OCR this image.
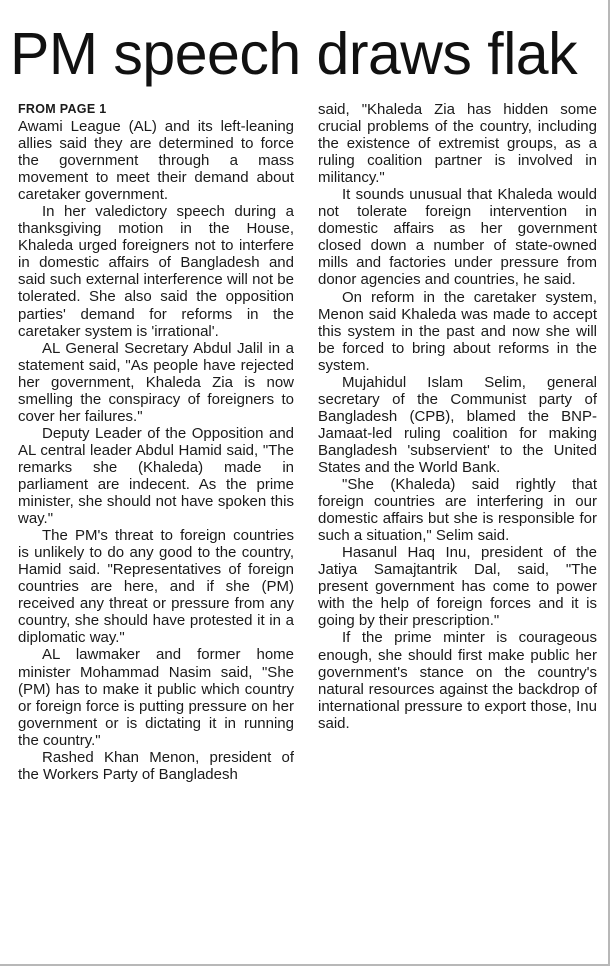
PM speech draws flak
FROM PAGE 1

Awami League (AL) and its left-leaning allies said they are determined to force the government through a mass movement to meet their demand about caretaker government.

In her valedictory speech during a thanksgiving motion in the House, Khaleda urged foreigners not to interfere in domestic affairs of Bangladesh and said such external interference will not be tolerated. She also said the opposition parties' demand for reforms in the caretaker system is 'irrational'.

AL General Secretary Abdul Jalil in a statement said, "As people have rejected her government, Khaleda Zia is now smelling the conspiracy of foreigners to cover her failures."

Deputy Leader of the Opposition and AL central leader Abdul Hamid said, "The remarks she (Khaleda) made in parliament are indecent. As the prime minister, she should not have spoken this way."

The PM's threat to foreign countries is unlikely to do any good to the country, Hamid said. "Representatives of foreign countries are here, and if she (PM) received any threat or pressure from any country, she should have protested it in a diplomatic way."

AL lawmaker and former home minister Mohammad Nasim said, "She (PM) has to make it public which country or foreign force is putting pressure on her government or is dictating it in running the country."

Rashed Khan Menon, president of the Workers Party of Bangladesh

said, "Khaleda Zia has hidden some crucial problems of the country, including the existence of extremist groups, as a ruling coalition partner is involved in militancy."

It sounds unusual that Khaleda would not tolerate foreign intervention in domestic affairs as her government closed down a number of state-owned mills and factories under pressure from donor agencies and countries, he said.

On reform in the caretaker system, Menon said Khaleda was made to accept this system in the past and now she will be forced to bring about reforms in the system.

Mujahidul Islam Selim, general secretary of the Communist party of Bangladesh (CPB), blamed the BNP-Jamaat-led ruling coalition for making Bangladesh 'subservient' to the United States and the World Bank.

"She (Khaleda) said rightly that foreign countries are interfering in our domestic affairs but she is responsible for such a situation," Selim said.

Hasanul Haq Inu, president of the Jatiya Samajtantrik Dal, said, "The present government has come to power with the help of foreign forces and it is going by their prescription."

If the prime minter is courageous enough, she should first make public her government's stance on the country's natural resources against the backdrop of international pressure to export those, Inu said.
